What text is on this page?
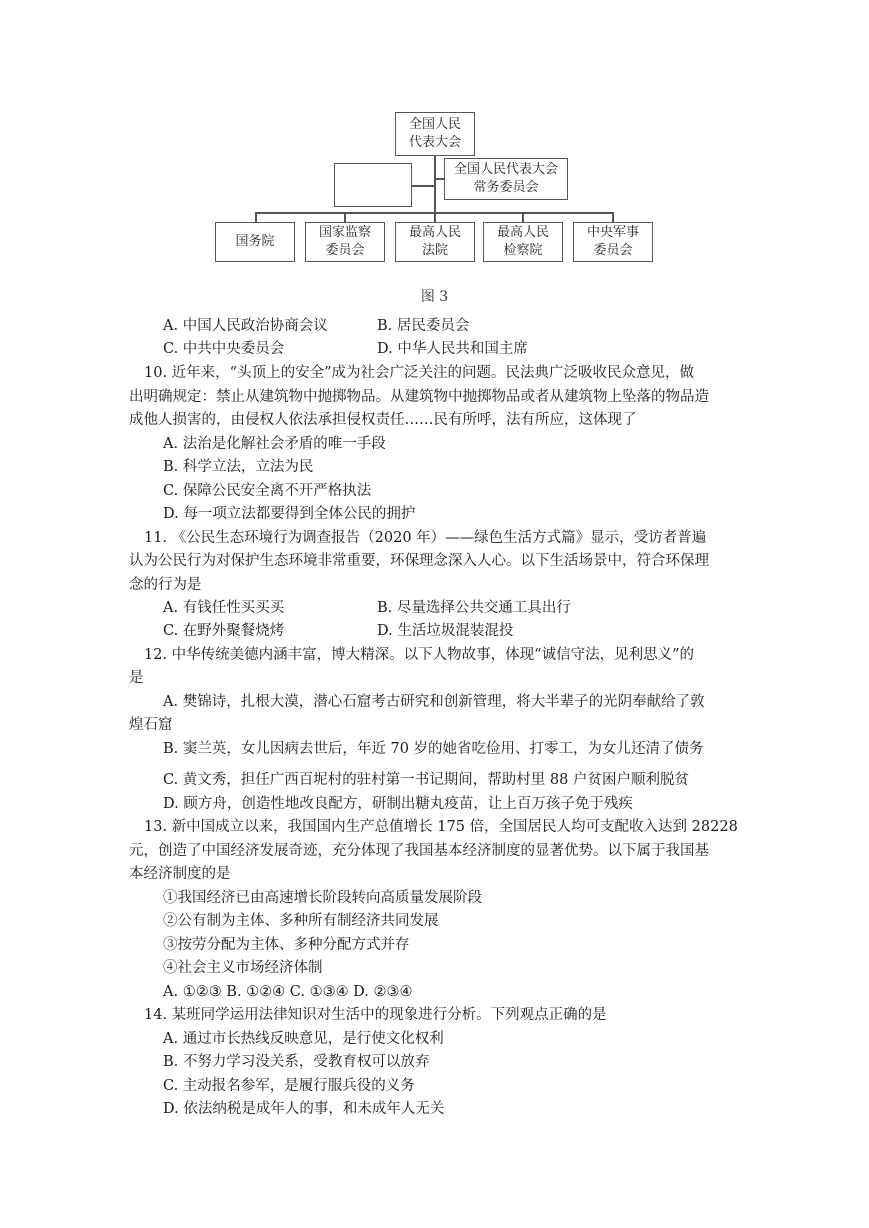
全国人民
代表大会
全国人民代表大会
常务委员会
国务院
国家监察
委员会
最高人民
法院
最高人民
检察院
中央军事
委员会
图 3
A. 中国人民政治协商会议	B. 居民委员会
C. 中共中央委员会	D. 中华人民共和国主席
10. 近年来，“头顶上的安全”成为社会广泛关注的问题。民法典广泛吸收民众意见，做
出明确规定：禁止从建筑物中抛掷物品。从建筑物中抛掷物品或者从建筑物上坠落的物品造
成他人损害的，由侵权人依法承担侵权责任……民有所呼，法有所应，这体现了
A. 法治是化解社会矛盾的唯一手段
B. 科学立法，立法为民
C. 保障公民安全离不开严格执法
D. 每一项立法都要得到全体公民的拥护
11. 《公民生态环境行为调查报告（2020 年）——绿色生活方式篇》显示，受访者普遍
认为公民行为对保护生态环境非常重要，环保理念深入人心。以下生活场景中，符合环保理
念的行为是
A. 有钱任性买买买	B. 尽量选择公共交通工具出行
C. 在野外聚餐烧烤	D. 生活垃圾混装混投
12. 中华传统美德内涵丰富，博大精深。以下人物故事，体现“诚信守法，见利思义”的
是
A. 樊锦诗，扎根大漠，潜心石窟考古研究和创新管理，将大半辈子的光阴奉献给了敦
煌石窟
B. 窦兰英，女儿因病去世后，年近 70 岁的她省吃俭用、打零工，为女儿还清了债务
C. 黄文秀，担任广西百坭村的驻村第一书记期间，帮助村里 88 户贫困户顺利脱贫
D. 顾方舟，创造性地改良配方，研制出糖丸疫苗，让上百万孩子免于残疾
13. 新中国成立以来，我国国内生产总值增长 175 倍，全国居民人均可支配收入达到 28228
元，创造了中国经济发展奇迹，充分体现了我国基本经济制度的显著优势。以下属于我国基
本经济制度的是
①我国经济已由高速增长阶段转向高质量发展阶段
②公有制为主体、多种所有制经济共同发展
③按劳分配为主体、多种分配方式并存
④社会主义市场经济体制
A. ①②③ B. ①②④ C. ①③④ D. ②③④
14. 某班同学运用法律知识对生活中的现象进行分析。下列观点正确的是
A. 通过市长热线反映意见，是行使文化权利
B. 不努力学习没关系，受教育权可以放弃
C. 主动报名参军，是履行服兵役的义务
D. 依法纳税是成年人的事，和未成年人无关
